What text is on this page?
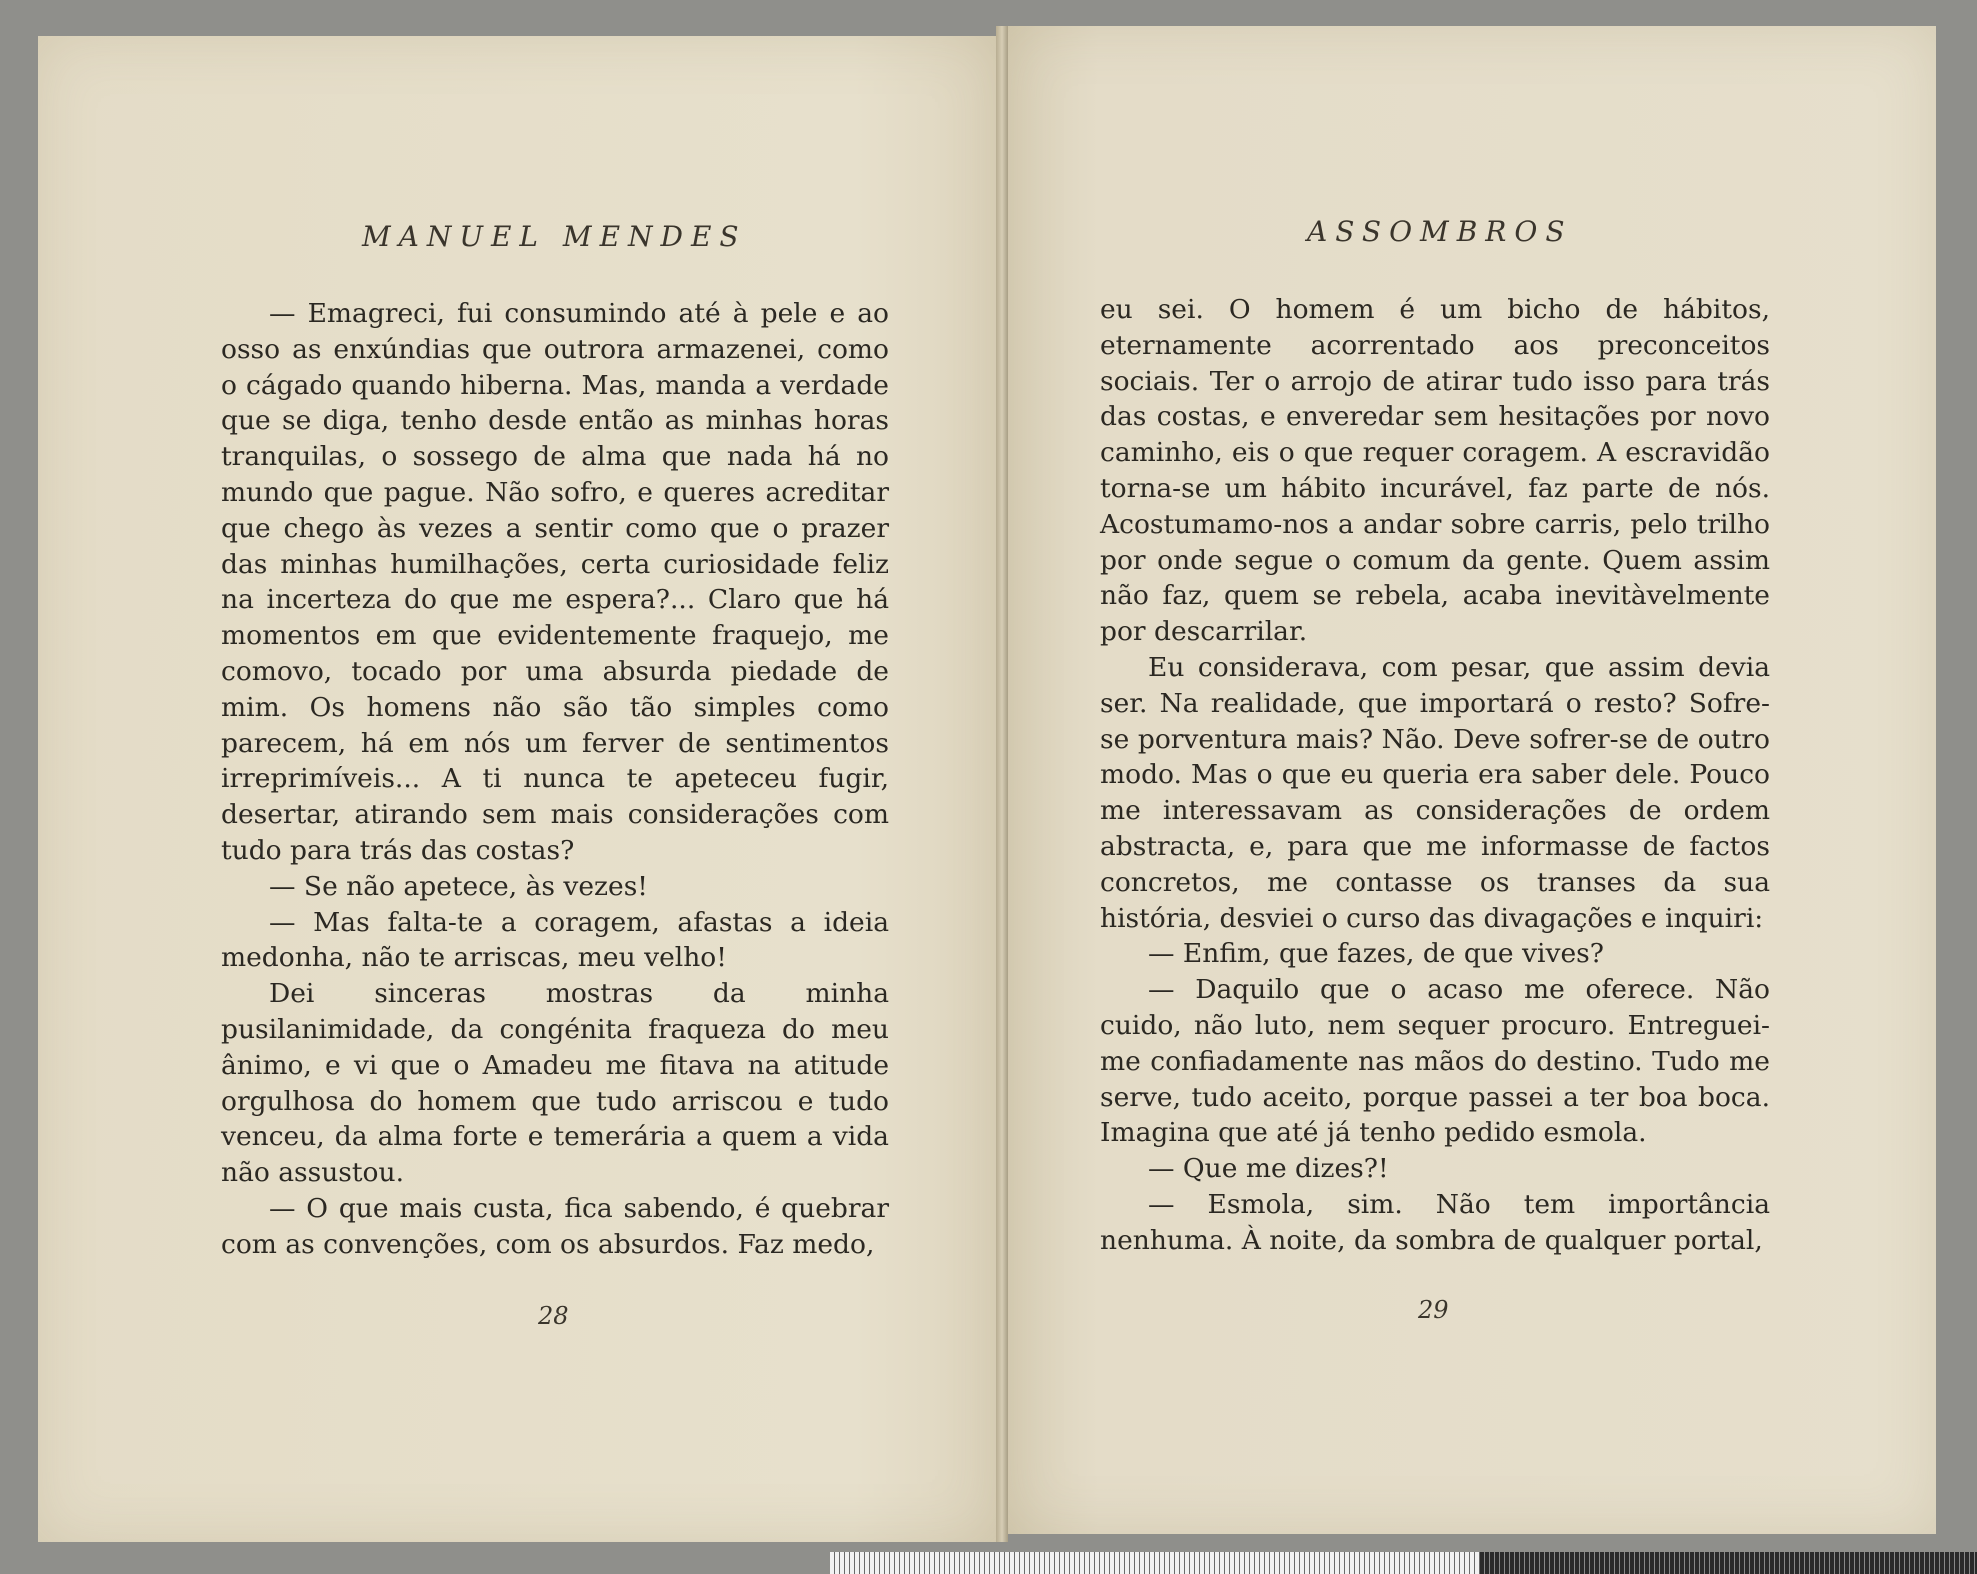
MANUEL MENDES	ASSOMBROS

— Emagreci, fui consumindo até à pele e ao osso as enxúndias que outrora armazenei, como o cágado quando hiberna. Mas, manda a verdade que se diga, tenho desde então as minhas horas tranquilas, o sossego de alma que nada há no mundo que pague. Não sofro, e queres acreditar que chego às vezes a sentir como que o prazer das minhas humilhações, certa curiosidade feliz na incerteza do que me espera?... Claro que há momentos em que evidentemente fraquejo, me comovo, tocado por uma absurda piedade de mim. Os homens não são tão simples como parecem, há em nós um ferver de sentimentos irreprimíveis... A ti nunca te apeteceu fugir, desertar, atirando sem mais considerações com tudo para trás das costas?

— Se não apetece, às vezes!

— Mas falta-te a coragem, afastas a ideia medonha, não te arriscas, meu velho!

Dei sinceras mostras da minha pusilanimidade, da congénita fraqueza do meu ânimo, e vi que o Amadeu me fitava na atitude orgulhosa do homem que tudo arriscou e tudo venceu, da alma forte e temerária a quem a vida não assustou.

— O que mais custa, fica sabendo, é quebrar com as convenções, com os absurdos. Faz medo,

eu sei. O homem é um bicho de hábitos, eternamente acorrentado aos preconceitos sociais. Ter o arrojo de atirar tudo isso para trás das costas, e enveredar sem hesitações por novo caminho, eis o que requer coragem. A escravidão torna-se um hábito incurável, faz parte de nós. Acostumamo-nos a andar sobre carris, pelo trilho por onde segue o comum da gente. Quem assim não faz, quem se rebela, acaba inevitàvelmente por descarrilar.

Eu considerava, com pesar, que assim devia ser. Na realidade, que importará o resto? Sofre-se porventura mais? Não. Deve sofrer-se de outro modo. Mas o que eu queria era saber dele. Pouco me interessavam as considerações de ordem abstracta, e, para que me informasse de factos concretos, me contasse os transes da sua história, desviei o curso das divagações e inquiri:

— Enfim, que fazes, de que vives?

— Daquilo que o acaso me oferece. Não cuido, não luto, nem sequer procuro. Entreguei-me confiadamente nas mãos do destino. Tudo me serve, tudo aceito, porque passei a ter boa boca. Imagina que até já tenho pedido esmola.

— Que me dizes?!

— Esmola, sim. Não tem importância nenhuma. À noite, da sombra de qualquer portal,

28	29
